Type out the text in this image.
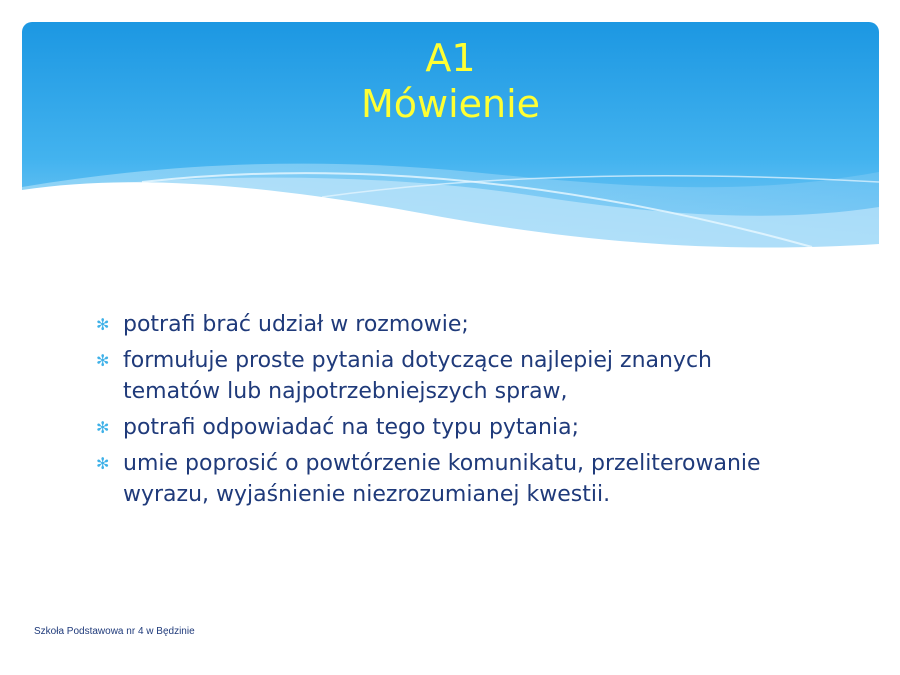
A1
Mówienie
✻ potrafi brać udział w rozmowie;
✻ formułuje proste pytania dotyczące najlepiej znanych tematów lub najpotrzebniejszych spraw,
✻ potrafi odpowiadać na tego typu pytania;
✻ umie poprosić o powtórzenie komunikatu, przeliterowanie wyrazu, wyjaśnienie niezrozumianej kwestii.
Szkoła Podstawowa nr 4 w Będzinie
